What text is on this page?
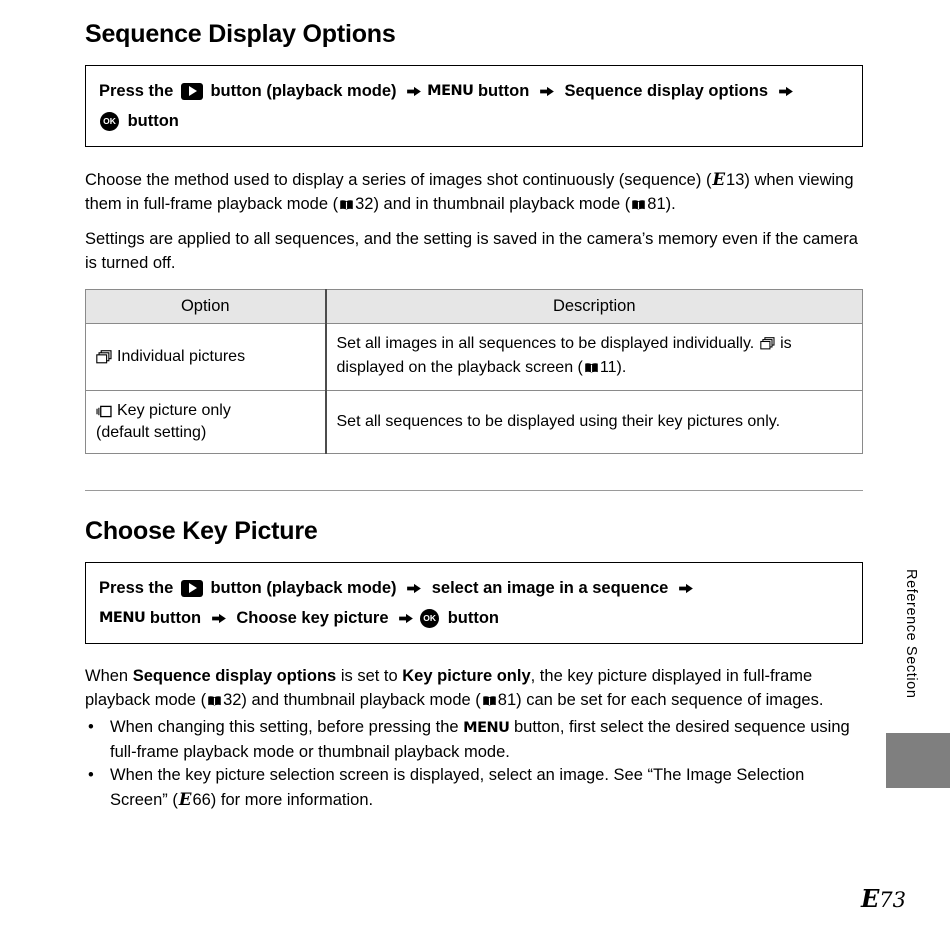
Sequence Display Options
Press the button (playback mode) MENU button Sequence display options
OK button

Choose the method used to display a series of images shot continuously (sequence) (E13) when viewing them in full-frame playback mode ( 32) and in thumbnail playback mode ( 81).

Settings are applied to all sequences, and the setting is saved in the camera’s memory even if the camera is turned off.

Option	Description

Individual pictures	Set all images in all sequences to be displayed individually.  is displayed on the playback screen ( 11).

Key picture only
(default setting)	Set all sequences to be displayed using their key pictures only.
Choose Key Picture
Press the button (playback mode) select an image in a sequence
MENU button Choose key picture	OK button

When Sequence display options is set to Key picture only, the key picture displayed in full-frame playback mode ( 32) and thumbnail playback mode ( 81) can be set for each sequence of images.

• When changing this setting, before pressing the MENU button, first select the desired sequence using full-frame playback mode or thumbnail playback mode.
• When the key picture selection screen is displayed, select an image. See “The Image Selection Screen” (E66) for more information.
Reference Section
E73
